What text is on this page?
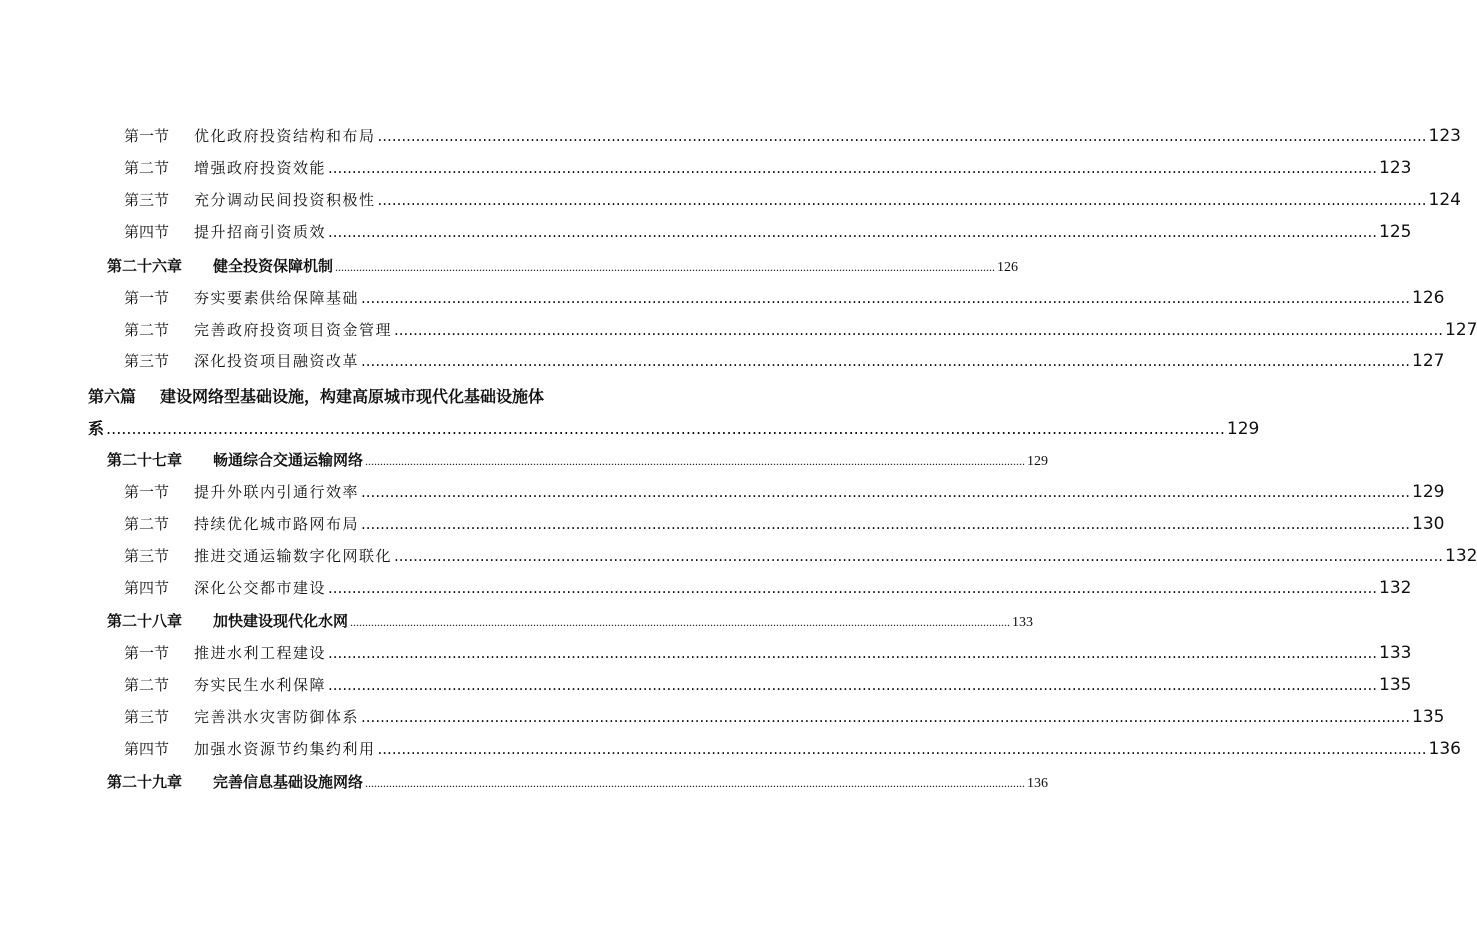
第一节 优化政府投资结构和布局 ............................................................................................................................................................................................................................ 123
第二节 增强政府投资效能 ............................................................................................................................................................................................................................ 123
第三节 充分调动民间投资积极性 ............................................................................................................................................................................................................................ 124
第四节 提升招商引资质效 ............................................................................................................................................................................................................................ 125
第二十六章 健全投资保障机制 ............................................................................................................................................................................................................................ 126
第一节 夯实要素供给保障基础 ............................................................................................................................................................................................................................ 126
第二节 完善政府投资项目资金管理 ............................................................................................................................................................................................................................ 127
第三节 深化投资项目融资改革 ............................................................................................................................................................................................................................ 127
第六篇 建设网络型基础设施，构建高原城市现代化基础设施体
系 ............................................................................................................................................................................................................................ 129
第二十七章 畅通综合交通运输网络 ............................................................................................................................................................................................................................ 129
第一节 提升外联内引通行效率 ............................................................................................................................................................................................................................ 129
第二节 持续优化城市路网布局 ............................................................................................................................................................................................................................ 130
第三节 推进交通运输数字化网联化 ............................................................................................................................................................................................................................ 132
第四节 深化公交都市建设 ............................................................................................................................................................................................................................ 132
第二十八章 加快建设现代化水网 ............................................................................................................................................................................................................................ 133
第一节 推进水利工程建设 ............................................................................................................................................................................................................................ 133
第二节 夯实民生水利保障 ............................................................................................................................................................................................................................ 135
第三节 完善洪水灾害防御体系 ............................................................................................................................................................................................................................ 135
第四节 加强水资源节约集约利用 ............................................................................................................................................................................................................................ 136
第二十九章 完善信息基础设施网络 ............................................................................................................................................................................................................................ 136
